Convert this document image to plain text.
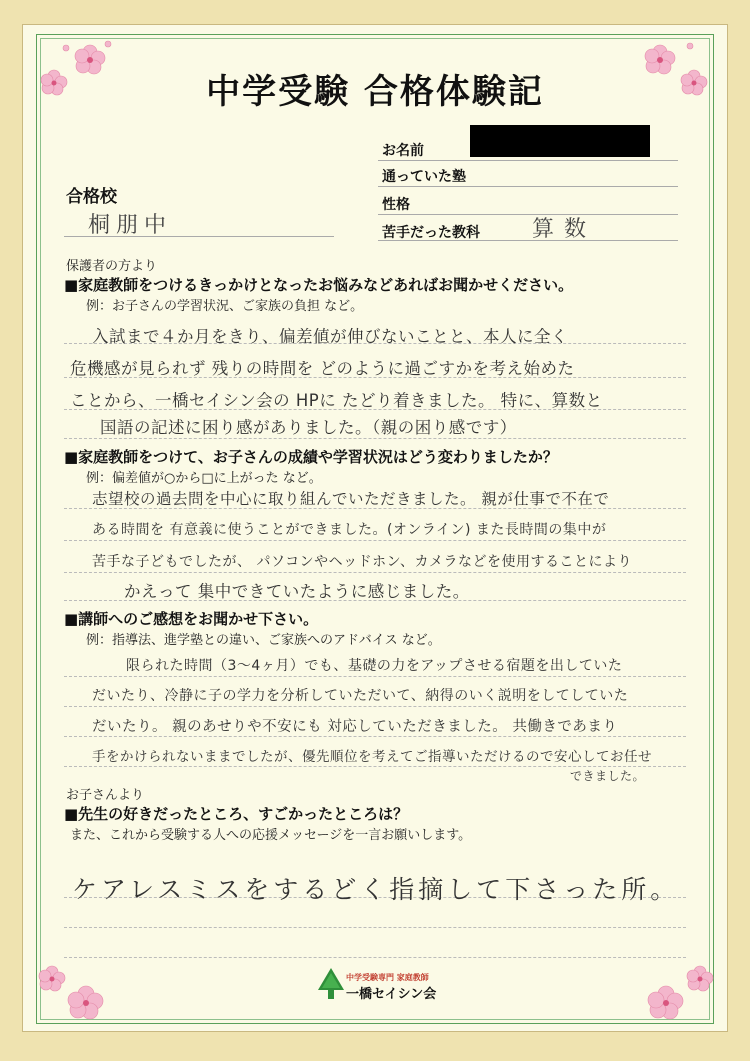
中学受験 合格体験記
お名前
通っていた塾
性格
苦手だった教科 算数
合格校
桐朋中
保護者の方より
■家庭教師をつけるきっかけとなったお悩みなどあればお聞かせください。
例：お子さんの学習状況、ご家族の負担 など。
入試まで４か月をきり、偏差値が伸びないことと、本人に全く
危機感が見られず 残りの時間を どのように過ごすかを考え始めた
ことから、一橋セイシン会の HPに たどり着きました。 特に、算数と
国語の記述に困り感がありました。（親の困り感です）
■家庭教師をつけて、お子さんの成績や学習状況はどう変わりましたか？
例：偏差値が○から□に上がった など。
志望校の過去問を中心に取り組んでいただきました。 親が仕事で不在で
ある時間を 有意義に使うことができました。(オンライン) また長時間の集中が
苦手な子どもでしたが、 パソコンやヘッドホン、カメラなどを使用することにより
かえって 集中できていたように感じました。
■講師へのご感想をお聞かせ下さい。
例：指導法、進学塾との違い、ご家族へのアドバイス など。
限られた時間（3～4ヶ月）でも、基礎の力をアップさせる宿題を出していた
だいたり、冷静に子の学力を分析していただいて、納得のいく説明をしてしていた
だいたり。 親のあせりや不安にも 対応していただきました。 共働きであまり
手をかけられないままでしたが、優先順位を考えてご指導いただけるので安心してお任せ
できました。
お子さんより
■先生の好きだったところ、すごかったところは？
また、これから受験する人への応援メッセージを一言お願いします。
ケアレスミスをするどく指摘して下さった所。
中学受験専門 家庭教師
一橋セイシン会
